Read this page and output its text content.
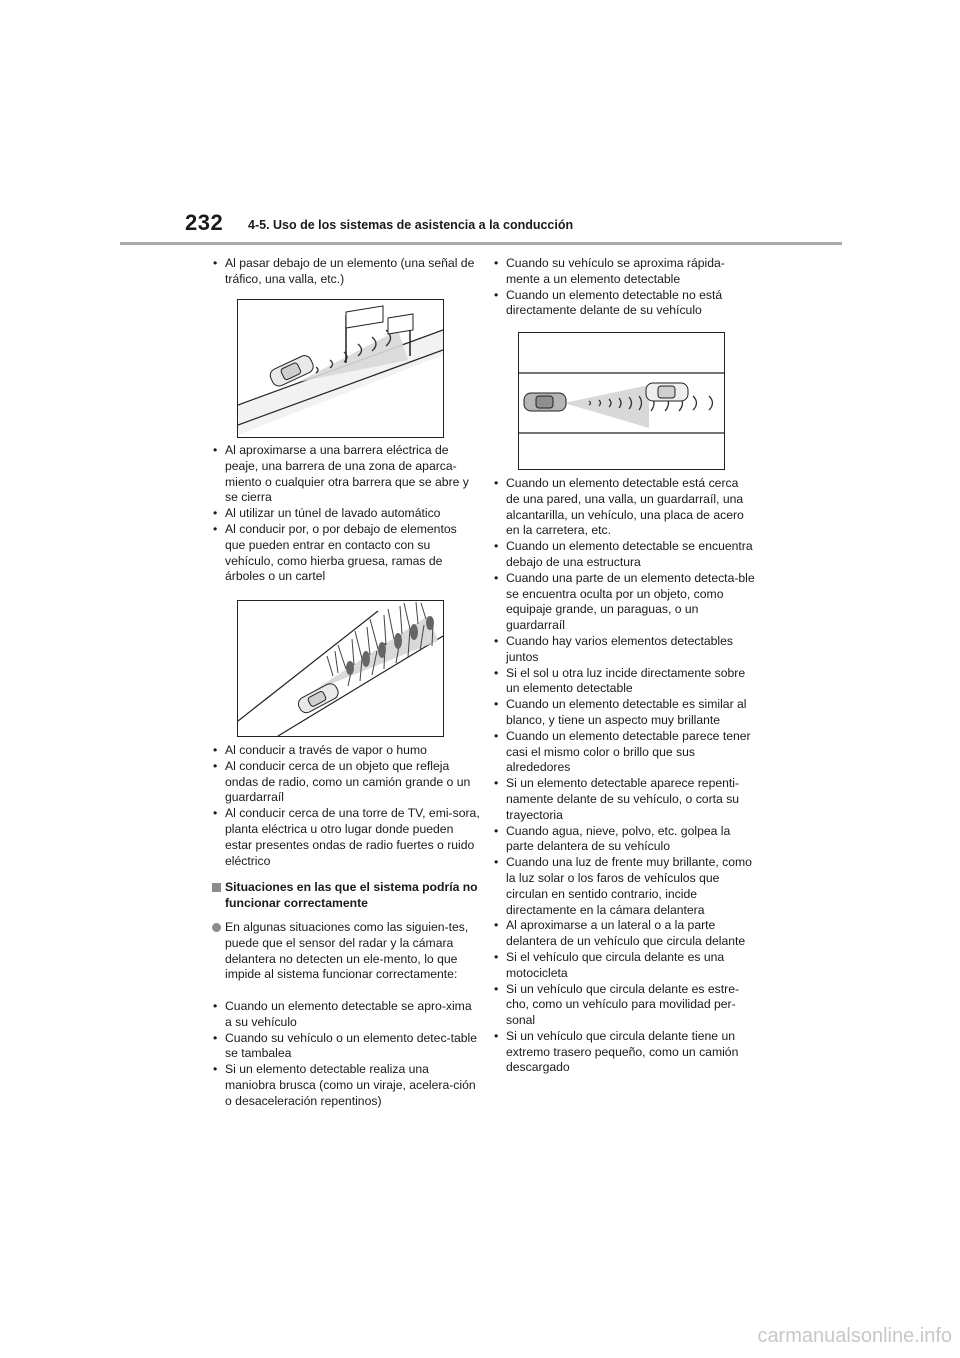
232 4-5. Uso de los sistemas de asistencia a la conducción
• Al pasar debajo de un elemento (una señal de tráfico, una valla, etc.)
• Al aproximarse a una barrera eléctrica de peaje, una barrera de una zona de aparca-miento o cualquier otra barrera que se abre y se cierra
• Al utilizar un túnel de lavado automático
• Al conducir por, o por debajo de elementos que pueden entrar en contacto con su vehículo, como hierba gruesa, ramas de árboles o un cartel
• Al conducir a través de vapor o humo
• Al conducir cerca de un objeto que refleja ondas de radio, como un camión grande o un guardarraíl
• Al conducir cerca de una torre de TV, emi-sora, planta eléctrica u otro lugar donde pueden estar presentes ondas de radio fuertes o ruido eléctrico
Situaciones en las que el sistema podría no funcionar correctamente
En algunas situaciones como las siguien-tes, puede que el sensor del radar y la cámara delantera no detecten un ele-mento, lo que impide al sistema funcionar correctamente:
• Cuando un elemento detectable se apro-xima a su vehículo
• Cuando su vehículo o un elemento detec-table se tambalea
• Si un elemento detectable realiza una maniobra brusca (como un viraje, acelera-ción o desaceleración repentinos)
• Cuando su vehículo se aproxima rápida-mente a un elemento detectable
• Cuando un elemento detectable no está directamente delante de su vehículo
• Cuando un elemento detectable está cerca de una pared, una valla, un guardarraíl, una alcantarilla, un vehículo, una placa de acero en la carretera, etc.
• Cuando un elemento detectable se encuentra debajo de una estructura
• Cuando una parte de un elemento detecta-ble se encuentra oculta por un objeto, como equipaje grande, un paraguas, o un guardarraíl
• Cuando hay varios elementos detectables juntos
• Si el sol u otra luz incide directamente sobre un elemento detectable
• Cuando un elemento detectable es similar al blanco, y tiene un aspecto muy brillante
• Cuando un elemento detectable parece tener casi el mismo color o brillo que sus alrededores
• Si un elemento detectable aparece repenti-namente delante de su vehículo, o corta su trayectoria
• Cuando agua, nieve, polvo, etc. golpea la parte delantera de su vehículo
• Cuando una luz de frente muy brillante, como la luz solar o los faros de vehículos que circulan en sentido contrario, incide directamente en la cámara delantera
• Al aproximarse a un lateral o a la parte delantera de un vehículo que circula delante
• Si el vehículo que circula delante es una motocicleta
• Si un vehículo que circula delante es estre-cho, como un vehículo para movilidad per-sonal
• Si un vehículo que circula delante tiene un extremo trasero pequeño, como un camión descargado
carmanualsonline.info
